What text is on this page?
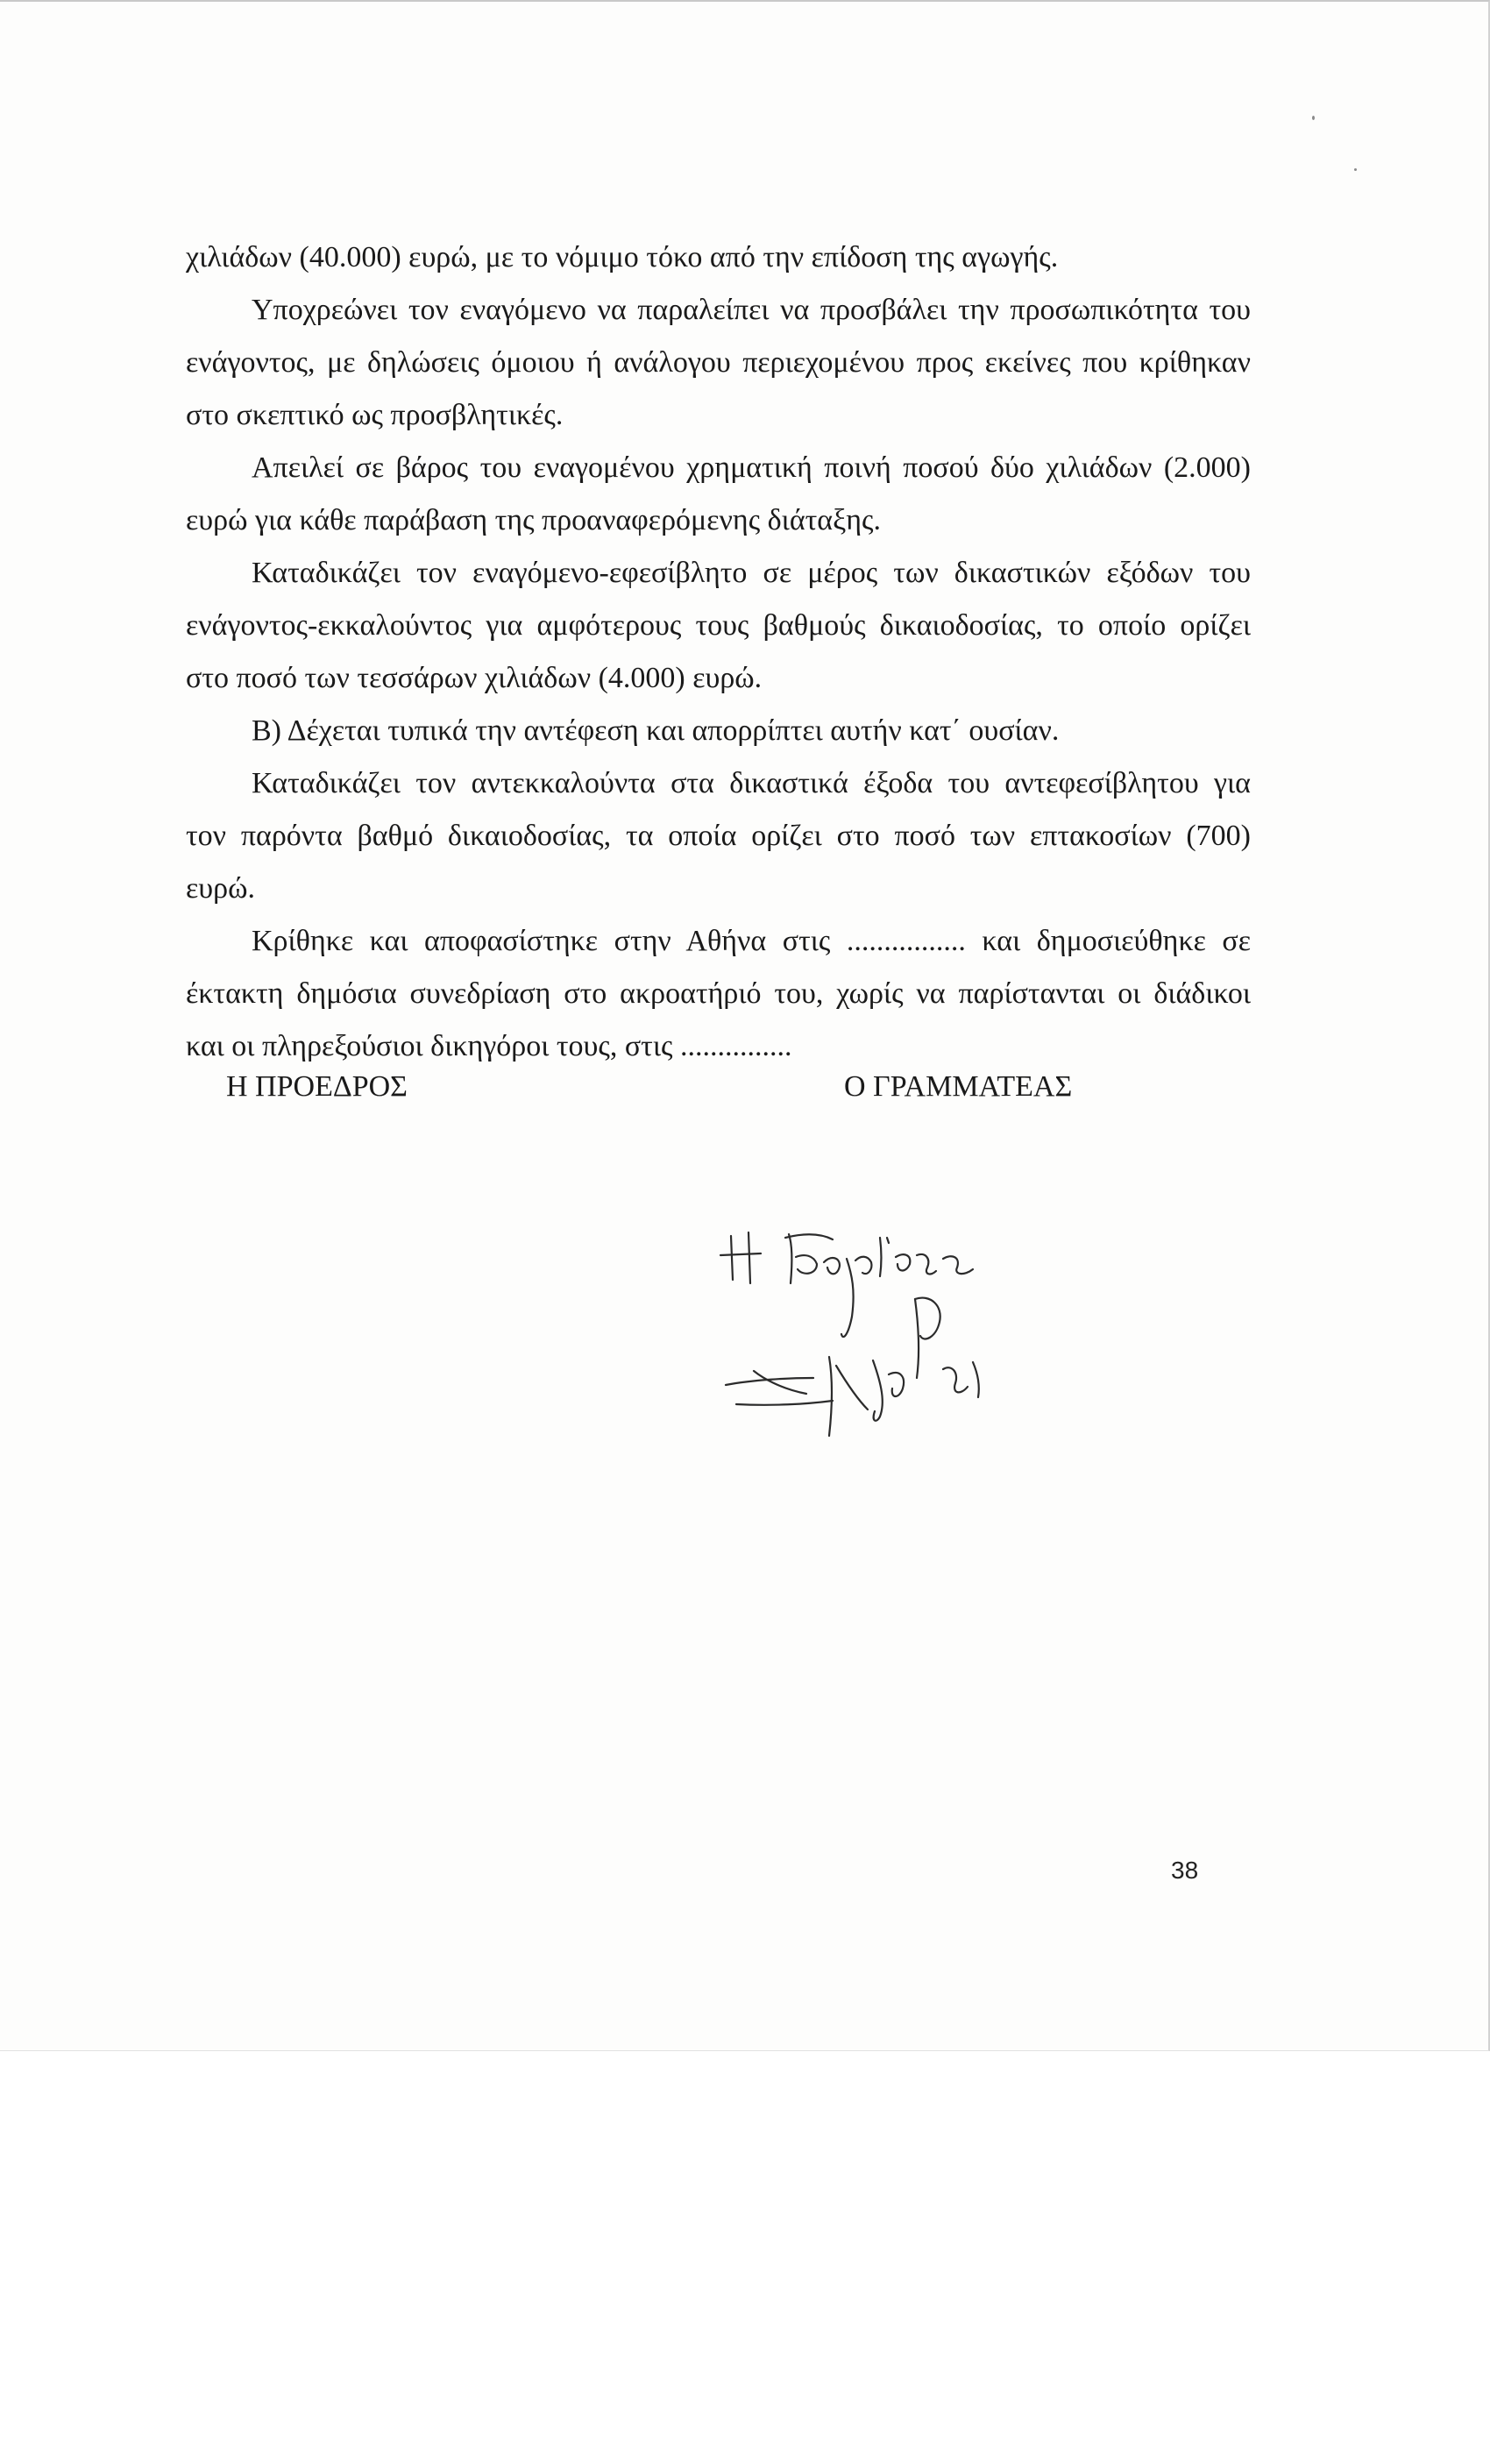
χιλιάδων (40.000) ευρώ, με το νόμιμο τόκο από την επίδοση της αγωγής.

Υποχρεώνει τον εναγόμενο να παραλείπει να προσβάλει την προσωπικότητα του

ενάγοντος, με δηλώσεις όμοιου ή ανάλογου περιεχομένου προς εκείνες που κρίθηκαν

στο σκεπτικό ως προσβλητικές.

Απειλεί σε βάρος του εναγομένου χρηματική ποινή ποσού δύο χιλιάδων (2.000)

ευρώ για κάθε παράβαση της προαναφερόμενης διάταξης.

Καταδικάζει τον εναγόμενο-εφεσίβλητο σε μέρος των δικαστικών εξόδων του

ενάγοντος-εκκαλούντος για αμφότερους τους βαθμούς δικαιοδοσίας, το οποίο ορίζει

στο ποσό των τεσσάρων χιλιάδων (4.000) ευρώ.

Β) Δέχεται τυπικά την αντέφεση και απορρίπτει αυτήν κατ΄ ουσίαν.

Καταδικάζει τον αντεκκαλούντα στα δικαστικά έξοδα του αντεφεσίβλητου για

τον παρόντα βαθμό δικαιοδοσίας, τα οποία ορίζει στο ποσό των επτακοσίων (700)

ευρώ.

Κρίθηκε και αποφασίστηκε στην Αθήνα στις ................ και δημοσιεύθηκε σε

έκτακτη δημόσια συνεδρίαση στο ακροατήριό του, χωρίς να παρίστανται οι διάδικοι

και οι πληρεξούσιοι δικηγόροι τους, στις ...............

Η ΠΡΟΕΔΡΟΣ	Ο ΓΡΑΜΜΑΤΕΑΣ
38
